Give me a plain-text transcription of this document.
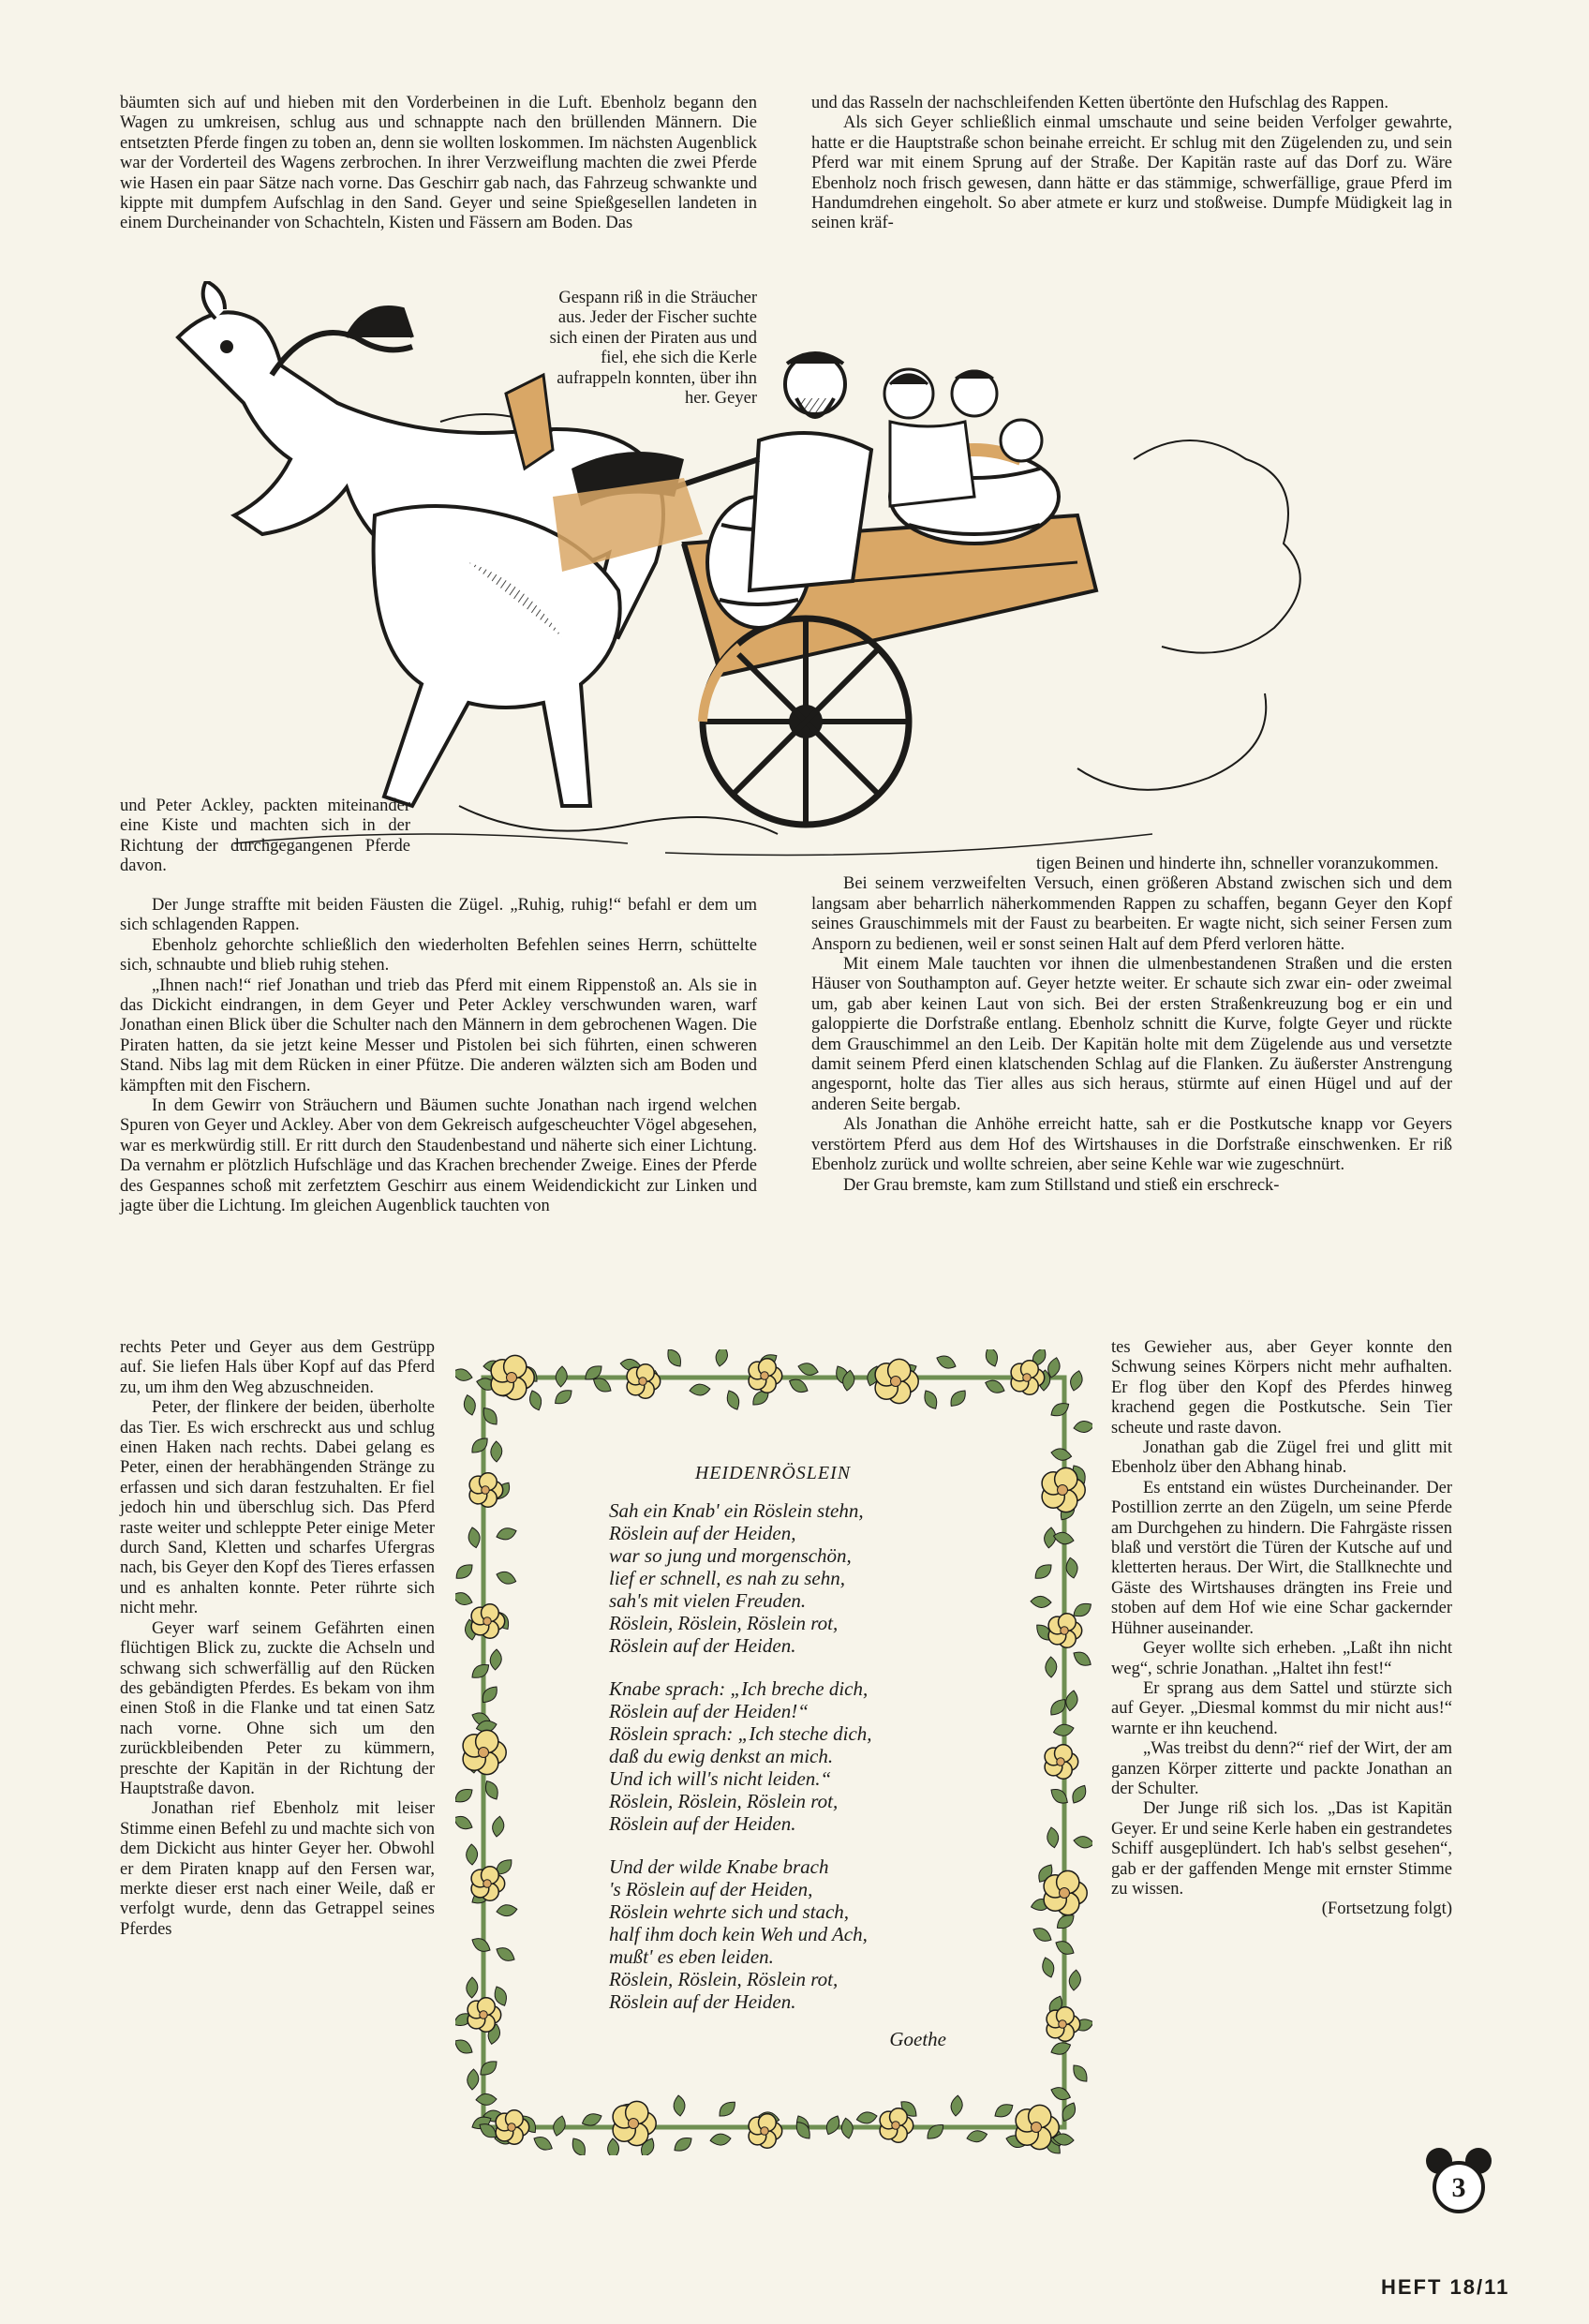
bäumten sich auf und hieben mit den Vorderbeinen in die Luft. Ebenholz begann den Wagen zu umkreisen, schlug aus und schnappte nach den brüllenden Männern. Die entsetzten Pferde fingen zu toben an, denn sie wollten loskommen. Im nächsten Augenblick war der Vorderteil des Wagens zerbrochen. In ihrer Verzweiflung machten die zwei Pferde wie Hasen ein paar Sätze nach vorne. Das Geschirr gab nach, das Fahrzeug schwankte und kippte mit dumpfem Aufschlag in den Sand. Geyer und seine Spießgesellen landeten in einem Durcheinander von Schachteln, Kisten und Fässern am Boden. Das

Gespann riß in die Sträucher aus. Jeder der Fischer suchte sich einen der Piraten aus und fiel, ehe sich die Kerle aufrappeln konnten, über ihn her. Geyer

und das Rasseln der nachschleifenden Ketten übertönte den Hufschlag des Rappen.

Als sich Geyer schließlich einmal umschaute und seine beiden Verfolger gewahrte, hatte er die Hauptstraße schon beinahe erreicht. Er schlug mit den Zügelenden zu, und sein Pferd war mit einem Sprung auf der Straße. Der Kapitän raste auf das Dorf zu. Wäre Ebenholz noch frisch gewesen, dann hätte er das stämmige, schwerfällige, graue Pferd im Handumdrehen eingeholt. So aber atmete er kurz und stoßweise. Dumpfe Müdigkeit lag in seinen kräf-

und Peter Ackley, packten miteinander eine Kiste und machten sich in der Richtung der durchgegangenen Pferde davon.

Der Junge straffte mit beiden Fäusten die Zügel. „Ruhig, ruhig!“ befahl er dem um sich schlagenden Rappen.

Ebenholz gehorchte schließlich den wiederholten Befehlen seines Herrn, schüttelte sich, schnaubte und blieb ruhig stehen.

„Ihnen nach!“ rief Jonathan und trieb das Pferd mit einem Rippenstoß an. Als sie in das Dickicht eindrangen, in dem Geyer und Peter Ackley verschwunden waren, warf Jonathan einen Blick über die Schulter nach den Männern in dem gebrochenen Wagen. Die Piraten hatten, da sie jetzt keine Messer und Pistolen bei sich führten, einen schweren Stand. Nibs lag mit dem Rücken in einer Pfütze. Die anderen wälzten sich am Boden und kämpften mit den Fischern.

In dem Gewirr von Sträuchern und Bäumen suchte Jonathan nach irgend welchen Spuren von Geyer und Ackley. Aber von dem Gekreisch aufgescheuchter Vögel abgesehen, war es merkwürdig still. Er ritt durch den Staudenbestand und näherte sich einer Lichtung. Da vernahm er plötzlich Hufschläge und das Krachen brechender Zweige. Eines der Pferde des Gespannes schoß mit zerfetztem Geschirr aus einem Weidendickicht zur Linken und jagte über die Lichtung. Im gleichen Augenblick tauchten von

tigen Beinen und hinderte ihn, schneller voranzukommen.

Bei seinem verzweifelten Versuch, einen größeren Abstand zwischen sich und dem langsam aber beharrlich näherkommenden Rappen zu schaffen, begann Geyer den Kopf seines Grauschimmels mit der Faust zu bearbeiten. Er wagte nicht, sich seiner Fersen zum Ansporn zu bedienen, weil er sonst seinen Halt auf dem Pferd verloren hätte.

Mit einem Male tauchten vor ihnen die ulmenbestandenen Straßen und die ersten Häuser von Southampton auf. Geyer hetzte weiter. Er schaute sich zwar ein- oder zweimal um, gab aber keinen Laut von sich. Bei der ersten Straßenkreuzung bog er ein und galoppierte die Dorfstraße entlang. Ebenholz schnitt die Kurve, folgte Geyer und rückte dem Grauschimmel an den Leib. Der Kapitän holte mit dem Zügelende aus und versetzte damit seinem Pferd einen klatschenden Schlag auf die Flanken. Zu äußerster Anstrengung angespornt, holte das Tier alles aus sich heraus, stürmte auf einen Hügel und auf der anderen Seite bergab.

Als Jonathan die Anhöhe erreicht hatte, sah er die Postkutsche knapp vor Geyers verstörtem Pferd aus dem Hof des Wirtshauses in die Dorfstraße einschwenken. Er riß Ebenholz zurück und wollte schreien, aber seine Kehle war wie zugeschnürt.

Der Grau bremste, kam zum Stillstand und stieß ein erschreck-

rechts Peter und Geyer aus dem Gestrüpp auf. Sie liefen Hals über Kopf auf das Pferd zu, um ihm den Weg abzuschneiden.

Peter, der flinkere der beiden, überholte das Tier. Es wich erschreckt aus und schlug einen Haken nach rechts. Dabei gelang es Peter, einen der herabhängenden Stränge zu erfassen und sich daran festzuhalten. Er fiel jedoch hin und überschlug sich. Das Pferd raste weiter und schleppte Peter einige Meter durch Sand, Kletten und scharfes Ufergras nach, bis Geyer den Kopf des Tieres erfassen und es anhalten konnte. Peter rührte sich nicht mehr.

Geyer warf seinem Gefährten einen flüchtigen Blick zu, zuckte die Achseln und schwang sich schwerfällig auf den Rücken des gebändigten Pferdes. Es bekam von ihm einen Stoß in die Flanke und tat einen Satz nach vorne. Ohne sich um den zurückbleibenden Peter zu kümmern, preschte der Kapitän in der Richtung der Hauptstraße davon.

Jonathan rief Ebenholz mit leiser Stimme einen Befehl zu und machte sich von dem Dickicht aus hinter Geyer her. Obwohl er dem Piraten knapp auf den Fersen war, merkte dieser erst nach einer Weile, daß er verfolgt wurde, denn das Getrappel seines Pferdes

tes Gewieher aus, aber Geyer konnte den Schwung seines Körpers nicht mehr aufhalten. Er flog über den Kopf des Pferdes hinweg krachend gegen die Postkutsche. Sein Tier scheute und raste davon.

Jonathan gab die Zügel frei und glitt mit Ebenholz über den Abhang hinab.

Es entstand ein wüstes Durcheinander. Der Postillion zerrte an den Zügeln, um seine Pferde am Durchgehen zu hindern. Die Fahrgäste rissen blaß und verstört die Türen der Kutsche auf und kletterten heraus. Der Wirt, die Stallknechte und Gäste des Wirtshauses drängten ins Freie und stoben auf dem Hof wie eine Schar gackernder Hühner auseinander.

Geyer wollte sich erheben. „Laßt ihn nicht weg“, schrie Jonathan. „Haltet ihn fest!“

Er sprang aus dem Sattel und stürzte sich auf Geyer. „Diesmal kommst du mir nicht aus!“ warnte er ihn keuchend.

„Was treibst du denn?“ rief der Wirt, der am ganzen Körper zitterte und packte Jonathan an der Schulter.

Der Junge riß sich los. „Das ist Kapitän Geyer. Er und seine Kerle haben ein gestrandetes Schiff ausgeplündert. Ich hab's selbst gesehen“, gab er der gaffenden Menge mit ernster Stimme zu wissen.

(Fortsetzung folgt)

HEIDENRÖSLEIN
Sah ein Knab' ein Röslein stehn,
Röslein auf der Heiden,
war so jung und morgenschön,
lief er schnell, es nah zu sehn,
sah's mit vielen Freuden.
Röslein, Röslein, Röslein rot,
Röslein auf der Heiden.
Knabe sprach: „Ich breche dich,
Röslein auf der Heiden!“
Röslein sprach: „Ich steche dich,
daß du ewig denkst an mich.
Und ich will's nicht leiden.“
Röslein, Röslein, Röslein rot,
Röslein auf der Heiden.
Und der wilde Knabe brach
's Röslein auf der Heiden,
Röslein wehrte sich und stach,
half ihm doch kein Weh und Ach,
mußt' es eben leiden.
Röslein, Röslein, Röslein rot,
Röslein auf der Heiden.
Goethe
3
HEFT 18/11
